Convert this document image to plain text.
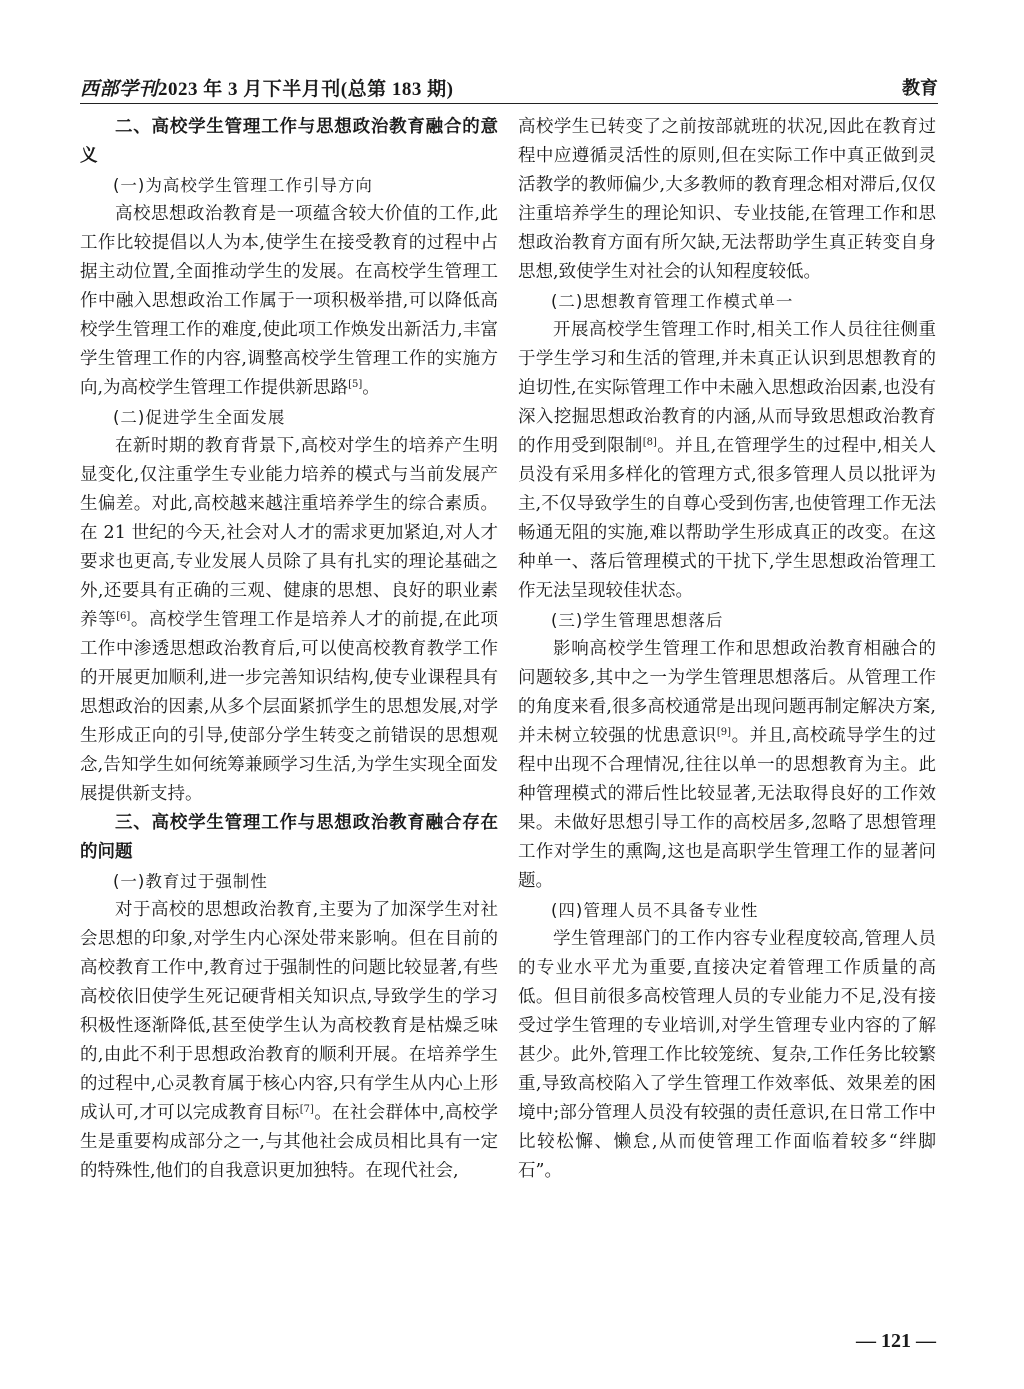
西部学刊2023 年 3 月下半月刊(总第 183 期)	教育
二、高校学生管理工作与思想政治教育融合的意义
(一)为高校学生管理工作引导方向

高校思想政治教育是一项蕴含较大价值的工作,此工作比较提倡以人为本,使学生在接受教育的过程中占据主动位置,全面推动学生的发展。在高校学生管理工作中融入思想政治工作属于一项积极举措,可以降低高校学生管理工作的难度,使此项工作焕发出新活力,丰富学生管理工作的内容,调整高校学生管理工作的实施方向,为高校学生管理工作提供新思路[5]。

(二)促进学生全面发展

在新时期的教育背景下,高校对学生的培养产生明显变化,仅注重学生专业能力培养的模式与当前发展产生偏差。对此,高校越来越注重培养学生的综合素质。在 21 世纪的今天,社会对人才的需求更加紧迫,对人才要求也更高,专业发展人员除了具有扎实的理论基础之外,还要具有正确的三观、健康的思想、良好的职业素养等[6]。高校学生管理工作是培养人才的前提,在此项工作中渗透思想政治教育后,可以使高校教育教学工作的开展更加顺利,进一步完善知识结构,使专业课程具有思想政治的因素,从多个层面紧抓学生的思想发展,对学生形成正向的引导,使部分学生转变之前错误的思想观念,告知学生如何统筹兼顾学习生活,为学生实现全面发展提供新支持。

三、高校学生管理工作与思想政治教育融合存在的问题
(一)教育过于强制性

对于高校的思想政治教育,主要为了加深学生对社会思想的印象,对学生内心深处带来影响。但在目前的高校教育工作中,教育过于强制性的问题比较显著,有些高校依旧使学生死记硬背相关知识点,导致学生的学习积极性逐渐降低,甚至使学生认为高校教育是枯燥乏味的,由此不利于思想政治教育的顺利开展。在培养学生的过程中,心灵教育属于核心内容,只有学生从内心上形成认可,才可以完成教育目标[7]。在社会群体中,高校学生是重要构成部分之一,与其他社会成员相比具有一定的特殊性,他们的自我意识更加独特。在现代社会,

高校学生已转变了之前按部就班的状况,因此在教育过程中应遵循灵活性的原则,但在实际工作中真正做到灵活教学的教师偏少,大多教师的教育理念相对滞后,仅仅注重培养学生的理论知识、专业技能,在管理工作和思想政治教育方面有所欠缺,无法帮助学生真正转变自身思想,致使学生对社会的认知程度较低。

(二)思想教育管理工作模式单一

开展高校学生管理工作时,相关工作人员往往侧重于学生学习和生活的管理,并未真正认识到思想教育的迫切性,在实际管理工作中未融入思想政治因素,也没有深入挖掘思想政治教育的内涵,从而导致思想政治教育的作用受到限制[8]。并且,在管理学生的过程中,相关人员没有采用多样化的管理方式,很多管理人员以批评为主,不仅导致学生的自尊心受到伤害,也使管理工作无法畅通无阻的实施,难以帮助学生形成真正的改变。在这种单一、落后管理模式的干扰下,学生思想政治管理工作无法呈现较佳状态。

(三)学生管理思想落后

影响高校学生管理工作和思想政治教育相融合的问题较多,其中之一为学生管理思想落后。从管理工作的角度来看,很多高校通常是出现问题再制定解决方案,并未树立较强的忧患意识[9]。并且,高校疏导学生的过程中出现不合理情况,往往以单一的思想教育为主。此种管理模式的滞后性比较显著,无法取得良好的工作效果。未做好思想引导工作的高校居多,忽略了思想管理工作对学生的熏陶,这也是高职学生管理工作的显著问题。

(四)管理人员不具备专业性

学生管理部门的工作内容专业程度较高,管理人员的专业水平尤为重要,直接决定着管理工作质量的高低。但目前很多高校管理人员的专业能力不足,没有接受过学生管理的专业培训,对学生管理专业内容的了解甚少。此外,管理工作比较笼统、复杂,工作任务比较繁重,导致高校陷入了学生管理工作效率低、效果差的困境中;部分管理人员没有较强的责任意识,在日常工作中比较松懈、懒怠,从而使管理工作面临着较多“绊脚石”。

— 121 —
